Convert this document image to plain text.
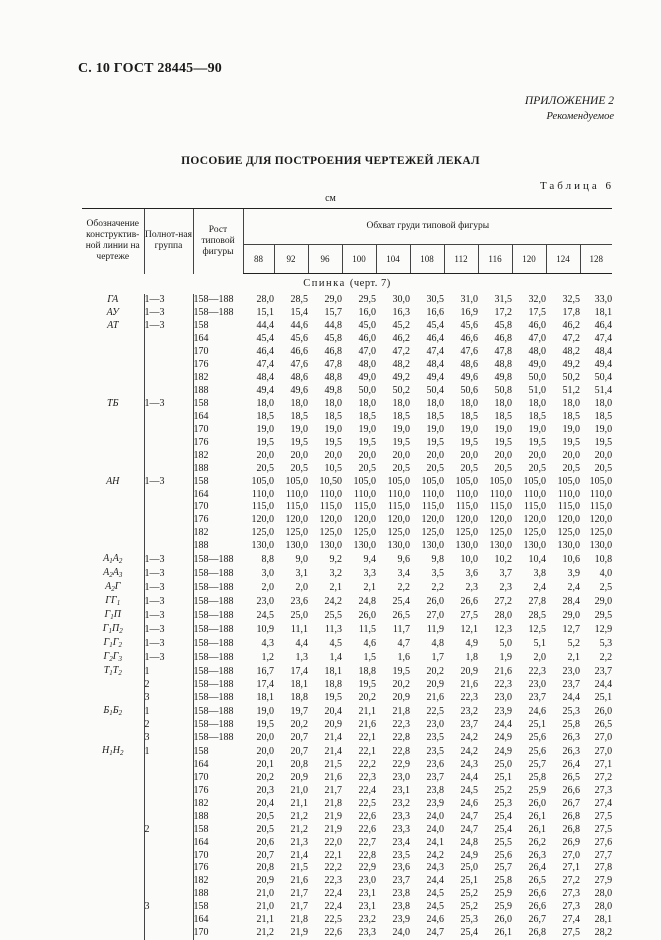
С. 10 ГОСТ 28445—90
ПРИЛОЖЕНИЕ 2
Рекомендуемое
ПОСОБИЕ ДЛЯ ПОСТРОЕНИЯ ЧЕРТЕЖЕЙ ЛЕКАЛ
Таблица 6
см
Обозначение конструктив-ной линии на чертеже	Полнот-ная группа	Рост типовой фигуры	Обхват груди типовой фигуры										
			88	92	96	100	104	108	112	116	120	124	128
Спинка (черт. 7)													
ГА	1—3	158—188	28,0	28,5	29,0	29,5	30,0	30,5	31,0	31,5	32,0	32,5	33,0
АУ	1—3	158—188	15,1	15,4	15,7	16,0	16,3	16,6	16,9	17,2	17,5	17,8	18,1
АТ	1—3	158	44,4	44,6	44,8	45,0	45,2	45,4	45,6	45,8	46,0	46,2	46,4
		164	45,4	45,6	45,8	46,0	46,2	46,4	46,6	46,8	47,0	47,2	47,4
		170	46,4	46,6	46,8	47,0	47,2	47,4	47,6	47,8	48,0	48,2	48,4
		176	47,4	47,6	47,8	48,0	48,2	48,4	48,6	48,8	49,0	49,2	49,4
		182	48,4	48,6	48,8	49,0	49,2	49,4	49,6	49,8	50,0	50,2	50,4
		188	49,4	49,6	49,8	50,0	50,2	50,4	50,6	50,8	51,0	51,2	51,4
ТБ	1—3	158	18,0	18,0	18,0	18,0	18,0	18,0	18,0	18,0	18,0	18,0	18,0
		164	18,5	18,5	18,5	18,5	18,5	18,5	18,5	18,5	18,5	18,5	18,5
		170	19,0	19,0	19,0	19,0	19,0	19,0	19,0	19,0	19,0	19,0	19,0
		176	19,5	19,5	19,5	19,5	19,5	19,5	19,5	19,5	19,5	19,5	19,5
		182	20,0	20,0	20,0	20,0	20,0	20,0	20,0	20,0	20,0	20,0	20,0
		188	20,5	20,5	10,5	20,5	20,5	20,5	20,5	20,5	20,5	20,5	20,5
АН	1—3	158	105,0	105,0	10,50	105,0	105,0	105,0	105,0	105,0	105,0	105,0	105,0
		164	110,0	110,0	110,0	110,0	110,0	110,0	110,0	110,0	110,0	110,0	110,0
		170	115,0	115,0	115,0	115,0	115,0	115,0	115,0	115,0	115,0	115,0	115,0
		176	120,0	120,0	120,0	120,0	120,0	120,0	120,0	120,0	120,0	120,0	120,0
		182	125,0	125,0	125,0	125,0	125,0	125,0	125,0	125,0	125,0	125,0	125,0
		188	130,0	130,0	130,0	130,0	130,0	130,0	130,0	130,0	130,0	130,0	130,0
$А_1А_2$	1—3	158—188	8,8	9,0	9,2	9,4	9,6	9,8	10,0	10,2	10,4	10,6	10,8
$А_2А_3$	1—3	158—188	3,0	3,1	3,2	3,3	3,4	3,5	3,6	3,7	3,8	3,9	4,0
$А_2Г$	1—3	158—188	2,0	2,0	2,1	2,1	2,2	2,2	2,3	2,3	2,4	2,4	2,5
$ГГ_1$	1—3	158—188	23,0	23,6	24,2	24,8	25,4	26,0	26,6	27,2	27,8	28,4	29,0
$Г_1П$	1—3	158—188	24,5	25,0	25,5	26,0	26,5	27,0	27,5	28,0	28,5	29,0	29,5
$Г_1П_2$	1—3	158—188	10,9	11,1	11,3	11,5	11,7	11,9	12,1	12,3	12,5	12,7	12,9
$Г_1Г_2$	1—3	158—188	4,3	4,4	4,5	4,6	4,7	4,8	4,9	5,0	5,1	5,2	5,3
$Г_2Г_3$	1—3	158—188	1,2	1,3	1,4	1,5	1,6	1,7	1,8	1,9	2,0	2,1	2,2
$Т_1Т_2$	1	158—188	16,7	17,4	18,1	18,8	19,5	20,2	20,9	21,6	22,3	23,0	23,7
	2	158—188	17,4	18,1	18,8	19,5	20,2	20,9	21,6	22,3	23,0	23,7	24,4
	3	158—188	18,1	18,8	19,5	20,2	20,9	21,6	22,3	23,0	23,7	24,4	25,1
$Б_1Б_2$	1	158—188	19,0	19,7	20,4	21,1	21,8	22,5	23,2	23,9	24,6	25,3	26,0
	2	158—188	19,5	20,2	20,9	21,6	22,3	23,0	23,7	24,4	25,1	25,8	26,5
	3	158—188	20,0	20,7	21,4	22,1	22,8	23,5	24,2	24,9	25,6	26,3	27,0
$Н_1Н_2$	1	158	20,0	20,7	21,4	22,1	22,8	23,5	24,2	24,9	25,6	26,3	27,0
		164	20,1	20,8	21,5	22,2	22,9	23,6	24,3	25,0	25,7	26,4	27,1
		170	20,2	20,9	21,6	22,3	23,0	23,7	24,4	25,1	25,8	26,5	27,2
		176	20,3	21,0	21,7	22,4	23,1	23,8	24,5	25,2	25,9	26,6	27,3
		182	20,4	21,1	21,8	22,5	23,2	23,9	24,6	25,3	26,0	26,7	27,4
		188	20,5	21,2	21,9	22,6	23,3	24,0	24,7	25,4	26,1	26,8	27,5
	2	158	20,5	21,2	21,9	22,6	23,3	24,0	24,7	25,4	26,1	26,8	27,5
		164	20,6	21,3	22,0	22,7	23,4	24,1	24,8	25,5	26,2	26,9	27,6
		170	20,7	21,4	22,1	22,8	23,5	24,2	24,9	25,6	26,3	27,0	27,7
		176	20,8	21,5	22,2	22,9	23,6	24,3	25,0	25,7	26,4	27,1	27,8
		182	20,9	21,6	22,3	23,0	23,7	24,4	25,1	25,8	26,5	27,2	27,9
		188	21,0	21,7	22,4	23,1	23,8	24,5	25,2	25,9	26,6	27,3	28,0
	3	158	21,0	21,7	22,4	23,1	23,8	24,5	25,2	25,9	26,6	27,3	28,0
		164	21,1	21,8	22,5	23,2	23,9	24,6	25,3	26,0	26,7	27,4	28,1
		170	21,2	21,9	22,6	23,3	24,0	24,7	25,4	26,1	26,8	27,5	28,2
